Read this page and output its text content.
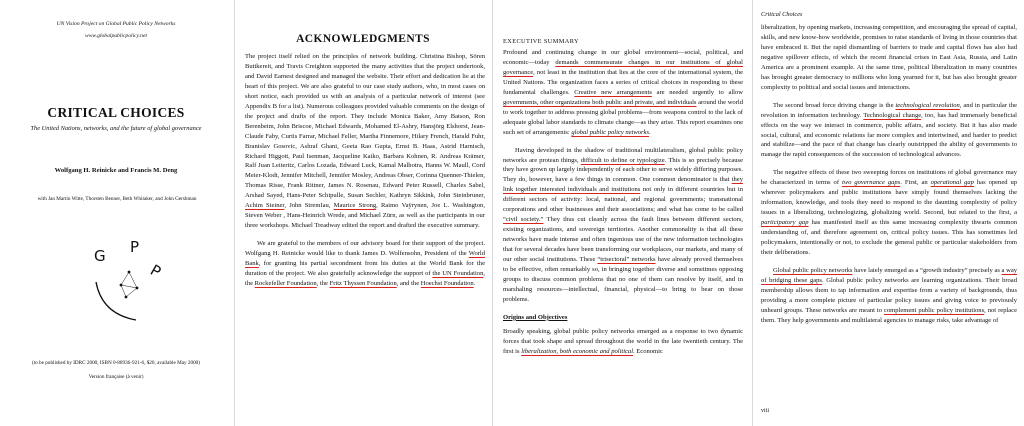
UN Vision Project on Global Public Policy Networks
www.globalpublicpolicy.net
CRITICAL CHOICES
The United Nations, networks, and the future of global governance
Wolfgang H. Reinicke and Francis M. Deng
with Jan Martin Witte, Thorsten Benner, Beth Whitaker, and John Gershman
G P
P
(to be published by IDRC 2000, ISBN 0-88936-921-6, $20, available May 2000)
Version française (à venir)
ACKNOWLEDGMENTS

The project itself relied on the principles of network building. Christina Bishop, Sören Buttkereit, and Travis Creighton supported the many activities that the project undertook, and David Earnest designed and managed the website. Their effort and dedication lie at the heart of this project. We are also grateful to our case study authors, who, in most cases on short notice, each provided us with an analysis of a particular network of interest (see Appendix B for a list). Numerous colleagues provided valuable comments on the design of the project and drafts of the report. They include Monica Baker, Amy Batson, Ron Berenbeim, John Briscoe, Michael Edwards, Mohamed El-Ashry, Hansjörg Elshorst, Jean-Claude Faby, Curtis Farrar, Michael Feller, Martha Finnemore, Hilary French, Harald Fuhr, Branislav Gosovic, Ashraf Ghani, Geeta Rao Gupta, Ernst B. Haas, Astrid Harnisch, Richard Higgott, Paul Isenman, Jacqueline Kaiko, Barbara Kohnen, R. Andreas Krämer, Ralf Juan Leiteritz, Carlos Lozada, Edward Luck, Kamal Malhotra, Hanns W. Maull, Cord Meier-Klodt, Jennifer Mitchell, Jennifer Mosley, Andreas Obser, Corinna Quenner-Thielen, Thomas Risse, Frank Rittner, James N. Rosenau, Edward Peter Russell, Charles Sabel, Arshad Sayed, Hans-Peter Schipulle, Susan Sechler, Kathryn Sikkink, John Steinbruner, Achim Steiner, John StremIau, Maurice Strong, Raimo Vaÿrynen, Joe L. Washington, Steven Weber , Hans-Heinrich Wrede, and Michael Zürn, as well as the participants in our three workshops. Michael Treadway edited the report and drafted the executive summary.

We are grateful to the members of our advisory board for their support of the project. Wolfgang H. Reinicke would like to thank James D. Wolfensohn, President of the World Bank, for granting his partial secondment from his duties at the World Bank for the duration of the project. We also gratefully acknowledge the support of the UN Foundation, the Rockefeller Foundation, the Fritz Thyssen Foundation, and the Hoechst Foundation.

EXECUTIVE SUMMARY

Profound and continuing change in our global environment—social, political, and economic—today demands commensurate changes in our institutions of global governance, not least in the institution that lies at the core of the international system, the United Nations. The organization faces a series of critical choices in responding to these fundamental challenges. Creative new arrangements are needed urgently to allow governments, other organizations both public and private, and individuals around the world to work together to address pressing global problems—from weapons control to the lack of adequate global labor standards to climate change—as they arise. This report examines one such set of arrangements: global public policy networks.

Having developed in the shadow of traditional multilateralism, global public policy networks are protean things, difficult to define or typologize. This is so precisely because they have grown up largely independently of each other to serve widely differing purposes. They do, however, have a few things in common. One common denominator is that they link together interested individuals and institutions not only in different countries but in different sectors of activity: local, national, and regional governments; transnational corporations and other businesses and their associations; and what has come to be called “civil society.” They thus cut cleanly across the fault lines between different sectors, existing organizations, and sovereign territories. Another commonality is that all these networks have made intense and often ingenious use of the new information technologies that for several decades have been transforming our workplaces, our markets, and many of our other social institutions. These “trisectoral” networks have already proved themselves to be effective, often remarkably so, in bringing together diverse and sometimes opposing groups to discuss common problems that no one of them can resolve by itself, and in marshaling resources—intellectual, financial, physical—to bring to bear on those problems.

Origins and Objectives

Broadly speaking, global public policy networks emerged as a response to two dynamic forces that took shape and spread throughout the world in the late twentieth century. The first is liberalization, both economic and political. Economic

Critical Choices

liberalization, by opening markets, increasing competition, and encouraging the spread of capital, skills, and new know-how worldwide, promises to raise standards of living in those countries that have embraced it. But the rapid dismantling of barriers to trade and capital flows has also had negative spillover effects, of which the recent financial crises in East Asia, Russia, and Latin America are a prominent example. At the same time, political liberalization in many countries has brought greater democracy to millions who long yearned for it, but has also brought greater complexity to political and social issues and interactions.

The second broad force driving change is the technological revolution, and in particular the revolution in information technology. Technological change, too, has had immensely beneficial effects on the way we interact in commerce, public affairs, and society. But it has also made social, cultural, and economic relations far more complex and intertwined, and harder to predict and stabilize—and the pace of that change has clearly outstripped the ability of governments to manage the rapid consequences of the succession of technological advances.

The negative effects of these two sweeping forces on institutions of global governance may be characterized in terms of two governance gaps. First, an operational gap has opened up wherever policymakers and public institutions have simply found themselves lacking the information, knowledge, and tools they need to respond to the daunting complexity of policy issues in a liberalizing, technologizing, globalizing world. Second, but related to the first, a participatory gap has manifested itself as this same increasing complexity thwarts common understanding of, and therefore agreement on, critical policy issues. This has sometimes led policymakers, intentionally or not, to exclude the general public or particular stakeholders from their deliberations.

Global public policy networks have lately emerged as a “growth industry” precisely as a way of bridging these gaps. Global public policy networks are learning organizations. Their broad membership allows them to tap information and expertise from a variety of backgrounds, thus providing a more complete picture of particular policy issues and giving voice to previously unheard groups. These networks are meant to complement public policy institutions, not replace them. They help governments and multilateral agencies to manage risks, take advantage of

viii
